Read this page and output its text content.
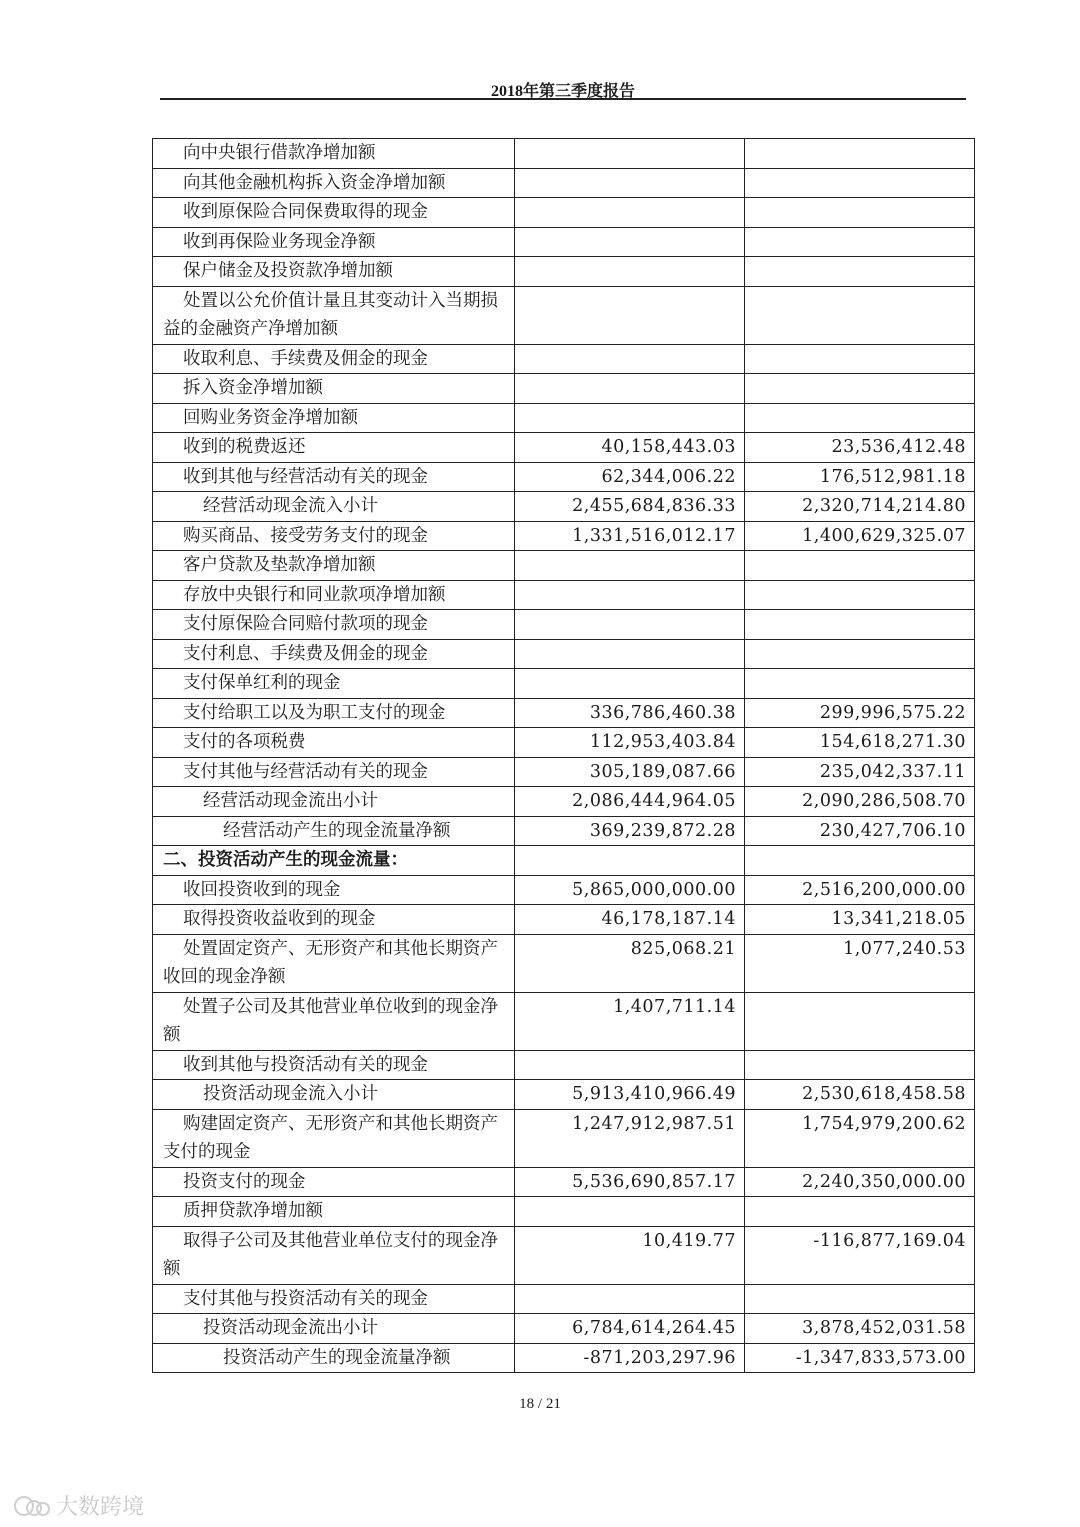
2018年第三季度报告
向中央银行借款净增加额		
向其他金融机构拆入资金净增加额		
收到原保险合同保费取得的现金		
收到再保险业务现金净额		
保户储金及投资款净增加额		
处置以公允价值计量且其变动计入当期损益的金融资产净增加额		
收取利息、手续费及佣金的现金		
拆入资金净增加额		
回购业务资金净增加额		
收到的税费返还	40,158,443.03	23,536,412.48
收到其他与经营活动有关的现金	62,344,006.22	176,512,981.18
经营活动现金流入小计	2,455,684,836.33	2,320,714,214.80
购买商品、接受劳务支付的现金	1,331,516,012.17	1,400,629,325.07
客户贷款及垫款净增加额		
存放中央银行和同业款项净增加额		
支付原保险合同赔付款项的现金		
支付利息、手续费及佣金的现金		
支付保单红利的现金		
支付给职工以及为职工支付的现金	336,786,460.38	299,996,575.22
支付的各项税费	112,953,403.84	154,618,271.30
支付其他与经营活动有关的现金	305,189,087.66	235,042,337.11
经营活动现金流出小计	2,086,444,964.05	2,090,286,508.70
经营活动产生的现金流量净额	369,239,872.28	230,427,706.10
二、投资活动产生的现金流量：		
收回投资收到的现金	5,865,000,000.00	2,516,200,000.00
取得投资收益收到的现金	46,178,187.14	13,341,218.05
处置固定资产、无形资产和其他长期资产收回的现金净额	825,068.21	1,077,240.53
处置子公司及其他营业单位收到的现金净额	1,407,711.14	
收到其他与投资活动有关的现金		
投资活动现金流入小计	5,913,410,966.49	2,530,618,458.58
购建固定资产、无形资产和其他长期资产支付的现金	1,247,912,987.51	1,754,979,200.62
投资支付的现金	5,536,690,857.17	2,240,350,000.00
质押贷款净增加额		
取得子公司及其他营业单位支付的现金净额	10,419.77	-116,877,169.04
支付其他与投资活动有关的现金		
投资活动现金流出小计	6,784,614,264.45	3,878,452,031.58
投资活动产生的现金流量净额	-871,203,297.96	-1,347,833,573.00
18 / 21
大数跨境
